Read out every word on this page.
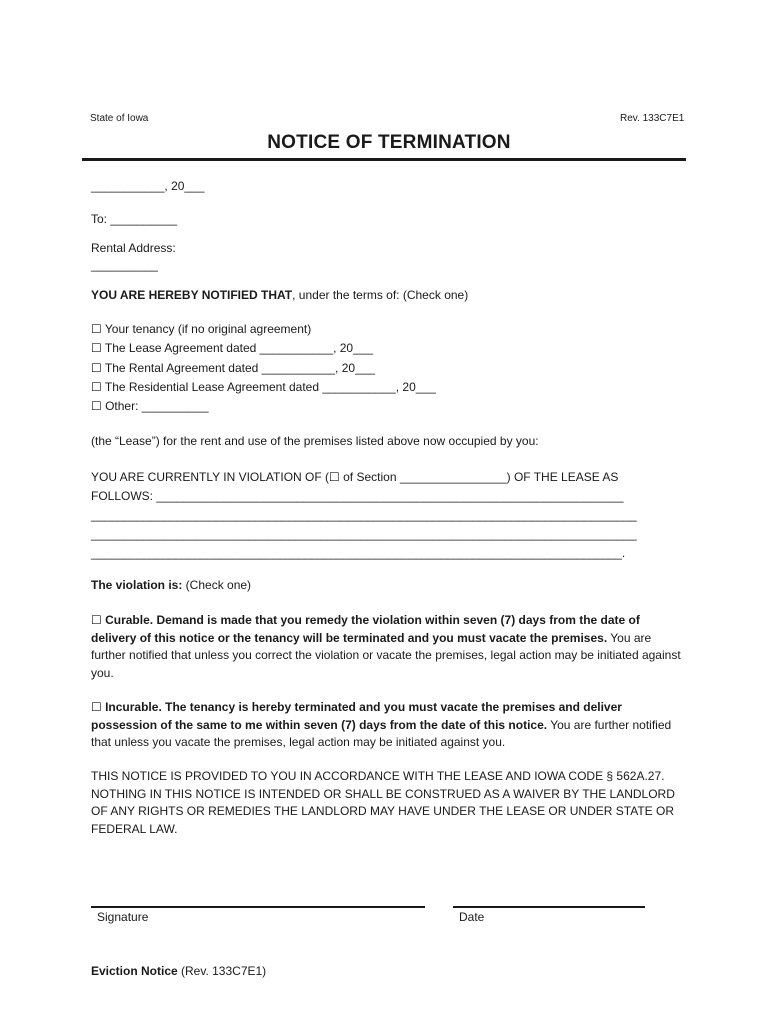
State of Iowa	Rev. 133C7E1
NOTICE OF TERMINATION
___________, 20___
To: __________
Rental Address:
__________
YOU ARE HEREBY NOTIFIED THAT, under the terms of: (Check one)
☐ Your tenancy (if no original agreement)
☐ The Lease Agreement dated ___________, 20___
☐ The Rental Agreement dated ___________, 20___
☐ The Residential Lease Agreement dated ___________, 20___
☐ Other: __________
(the “Lease”) for the rent and use of the premises listed above now occupied by you:
YOU ARE CURRENTLY IN VIOLATION OF (☐ of Section ________________) OF THE LEASE AS
FOLLOWS: ______________________________________________________________________
___________________________________________________________________________________
___________________________________________________________________________________
__________________________________________________________________________________.
The violation is: (Check one)
☐ Curable. Demand is made that you remedy the violation within seven (7) days from the date of delivery of this notice or the tenancy will be terminated and you must vacate the premises. You are further notified that unless you correct the violation or vacate the premises, legal action may be initiated against you.
☐ Incurable. The tenancy is hereby terminated and you must vacate the premises and deliver possession of the same to me within seven (7) days from the date of this notice. You are further notified that unless you vacate the premises, legal action may be initiated against you.
THIS NOTICE IS PROVIDED TO YOU IN ACCORDANCE WITH THE LEASE AND IOWA CODE § 562A.27. NOTHING IN THIS NOTICE IS INTENDED OR SHALL BE CONSTRUED AS A WAIVER BY THE LANDLORD OF ANY RIGHTS OR REMEDIES THE LANDLORD MAY HAVE UNDER THE LEASE OR UNDER STATE OR FEDERAL LAW.
Signature	Date
Eviction Notice (Rev. 133C7E1)
